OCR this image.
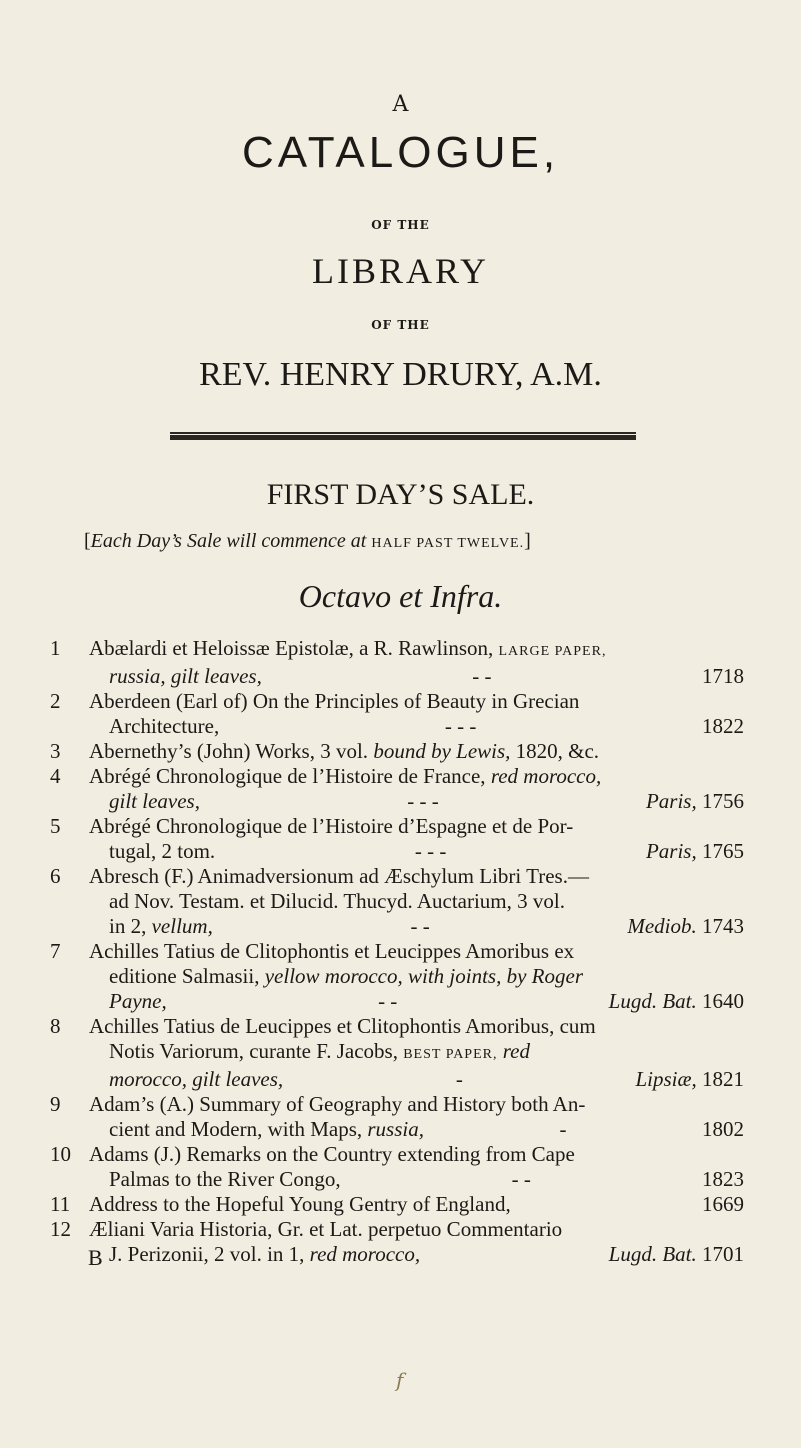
A
CATALOGUE,
OF THE
LIBRARY
OF THE
REV. HENRY DRURY, A.M.
FIRST DAY’S SALE.
[Each Day’s Sale will commence at HALF PAST TWELVE.]
Octavo et Infra.
1	Abælardi et Heloissæ Epistolæ, a R. Rawlinson, LARGE PAPER,
russia, gilt leaves,	- -	1718
2	Aberdeen (Earl of) On the Principles of Beauty in Grecian
Architecture,	- - -	1822
3	Abernethy’s (John) Works, 3 vol. bound by Lewis, 1820, &c.
4	Abrégé Chronologique de l’Histoire de France, red morocco,
gilt leaves,	- - -	Paris, 1756
5	Abrégé Chronologique de l’Histoire d’Espagne et de Por-
tugal, 2 tom.	- - -	Paris, 1765
6	Abresch (F.) Animadversionum ad Æschylum Libri Tres.—
ad Nov. Testam. et Dilucid. Thucyd. Auctarium, 3 vol.
in 2, vellum,	- -	Mediob. 1743
7	Achilles Tatius de Clitophontis et Leucippes Amoribus ex
editione Salmasii, yellow morocco, with joints, by Roger
Payne,	- -	Lugd. Bat. 1640
8	Achilles Tatius de Leucippes et Clitophontis Amoribus, cum
Notis Variorum, curante F. Jacobs, BEST PAPER, red
morocco, gilt leaves,	-	Lipsiæ, 1821
9	Adam’s (A.) Summary of Geography and History both An-
cient and Modern, with Maps, russia,	-	1802
10 Adams (J.) Remarks on the Country extending from Cape
Palmas to the River Congo,	- -	1823
11 Address to the Hopeful Young Gentry of England,	1669
12 Æliani Varia Historia, Gr. et Lat. perpetuo Commentario
J. Perizonii, 2 vol. in 1, red morocco,	Lugd. Bat. 1701
B
f
